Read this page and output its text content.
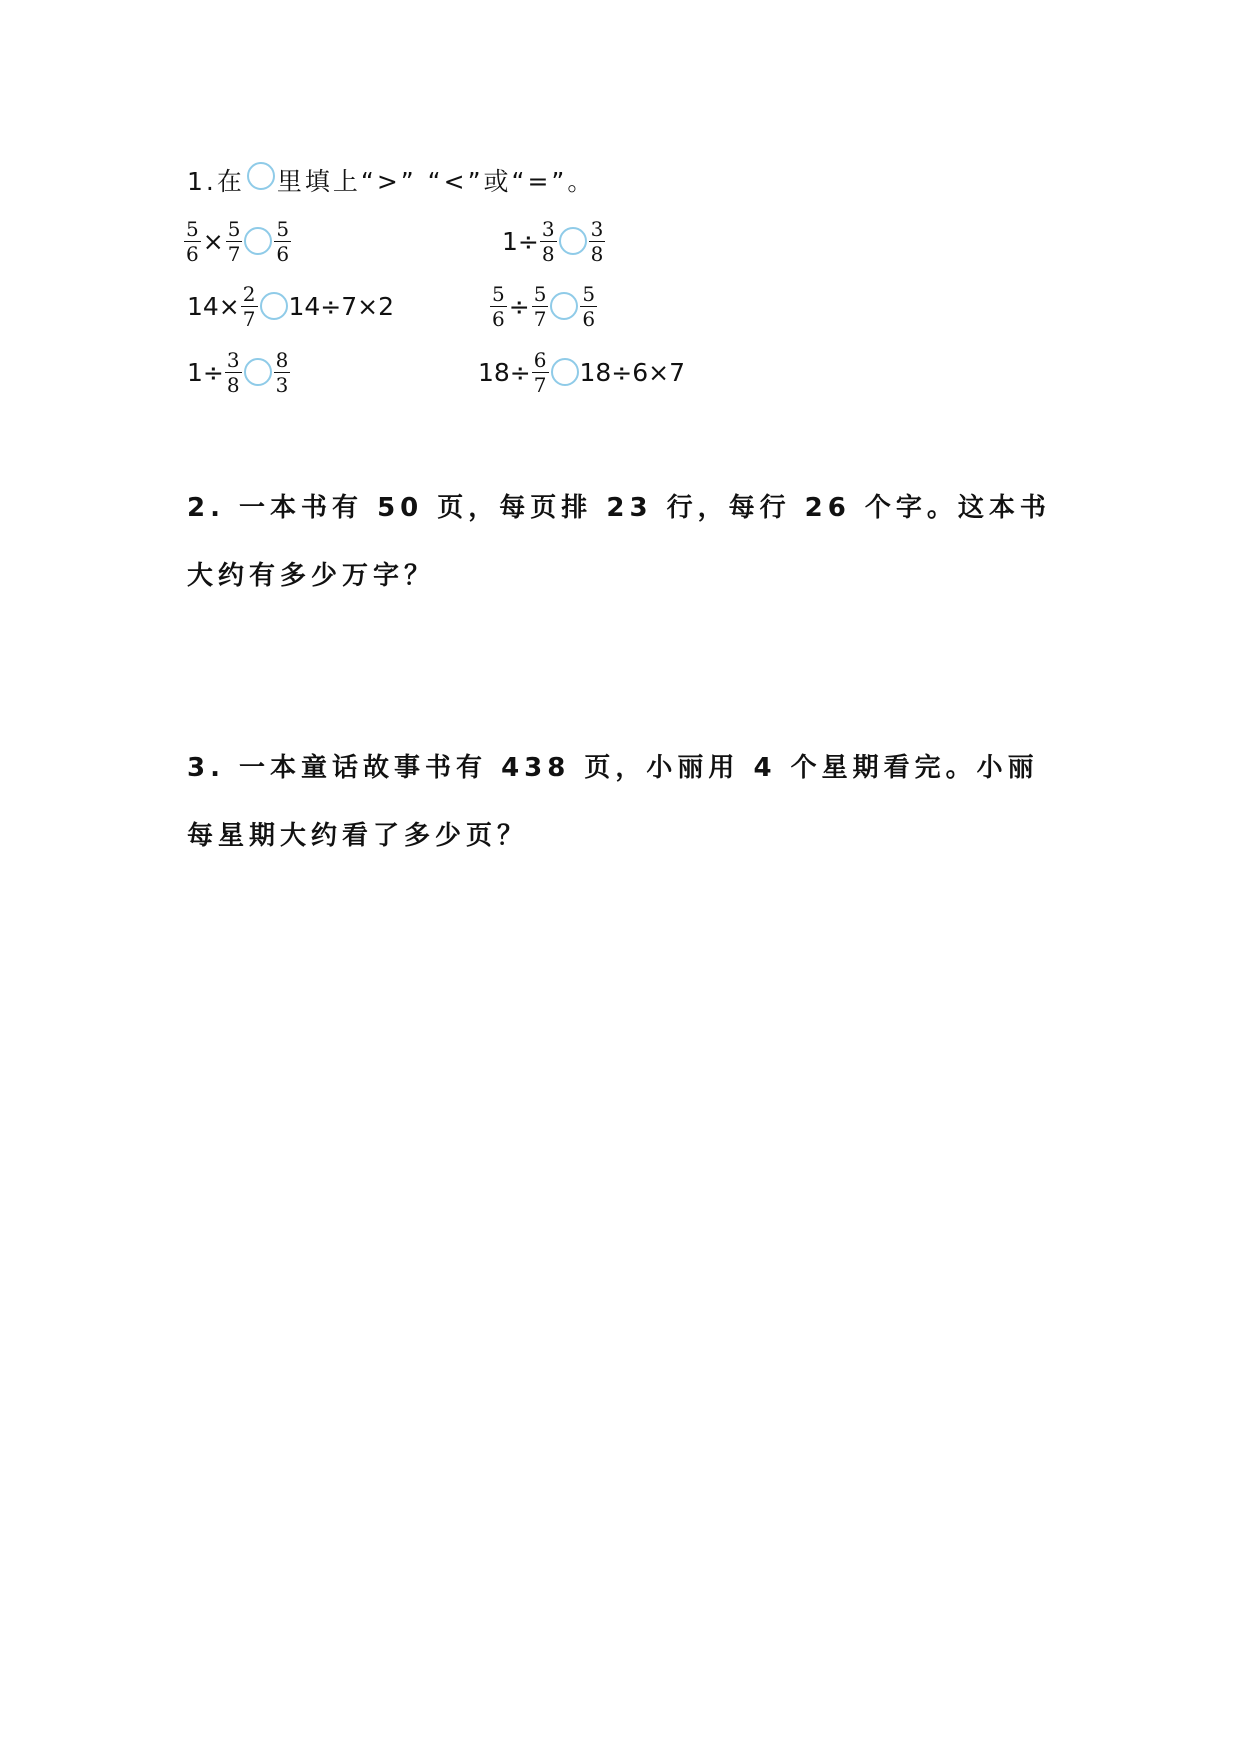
1. 在 里填上“>” “<”或“=”。
$\frac{5}{6} \times \frac{5}{7} \frac{5}{6}$	$1\div \frac{3}{8} \frac{3}{8}$
$14\times \frac{2}{7} 14\div 7\times 2$	$\frac{5}{6} \div \frac{5}{7} \frac{5}{6}$
$1\div \frac{3}{8} \frac{8}{3}$	$18\div \frac{6}{7} 18\div 6\times 7$

2. 一本书有 50 页，每页排 23 行，每行 26 个字。这本书大约有多少万字？

3. 一本童话故事书有 438 页，小丽用 4 个星期看完。小丽每星期大约看了多少页？
